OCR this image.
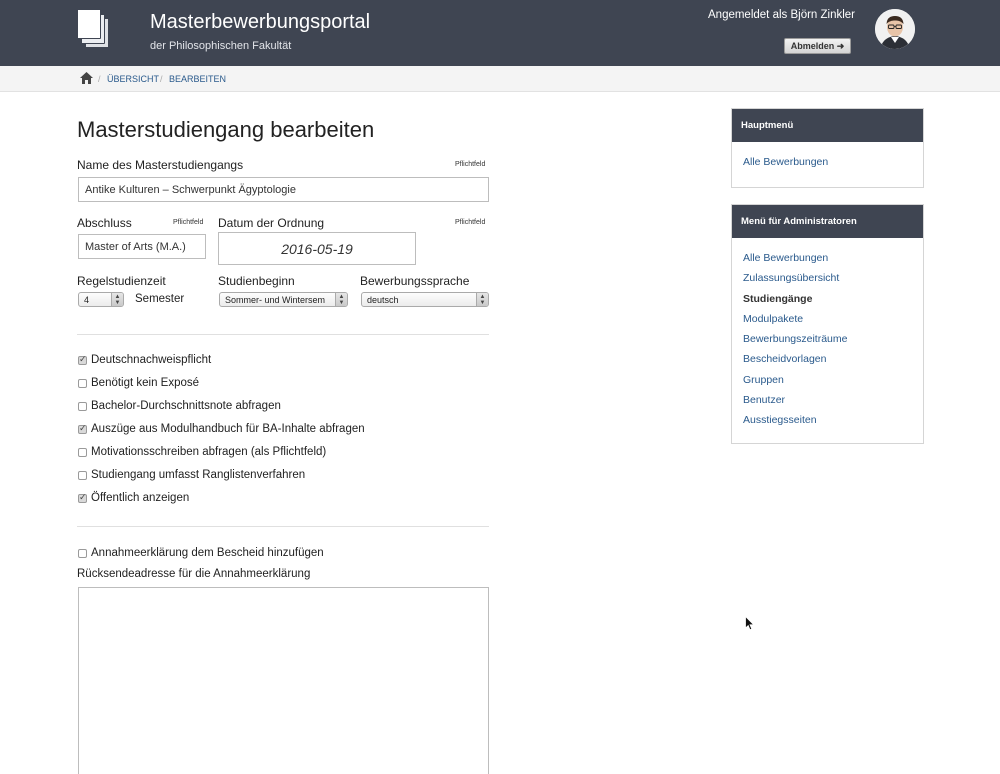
Masterbewerbungsportal
der Philosophischen Fakultät
Angemeldet als Björn Zinkler
Abmelden ➜
/ ÜBERSICHT / BEARBEITEN
Masterstudiengang bearbeiten
Name des Masterstudiengangs	Pflichtfeld
Antike Kulturen – Schwerpunkt Ägyptologie
Abschluss	Pflichtfeld
Master of Arts (M.A.)
Datum der Ordnung	Pflichtfeld
2016-05-19
Regelstudienzeit
4	▲
▼ Semester
Studienbeginn
Sommer- und Wintersem	▲
▼
Bewerbungssprache
deutsch	▲
▼
✓
Deutschnachweispflicht
Benötigt kein Exposé
Bachelor-Durchschnittsnote abfragen
✓
Auszüge aus Modulhandbuch für BA-Inhalte abfragen
Motivationsschreiben abfragen (als Pflichtfeld)
Studiengang umfasst Ranglistenverfahren
✓
Öffentlich anzeigen
Annahmeerklärung dem Bescheid hinzufügen
Rücksendeadresse für die Annahmeerklärung
Hauptmenü
Alle Bewerbungen
Menü für Administratoren
Alle Bewerbungen
Zulassungsübersicht
Studiengänge
Modulpakete
Bewerbungszeiträume
Bescheidvorlagen
Gruppen
Benutzer
Ausstiegsseiten
